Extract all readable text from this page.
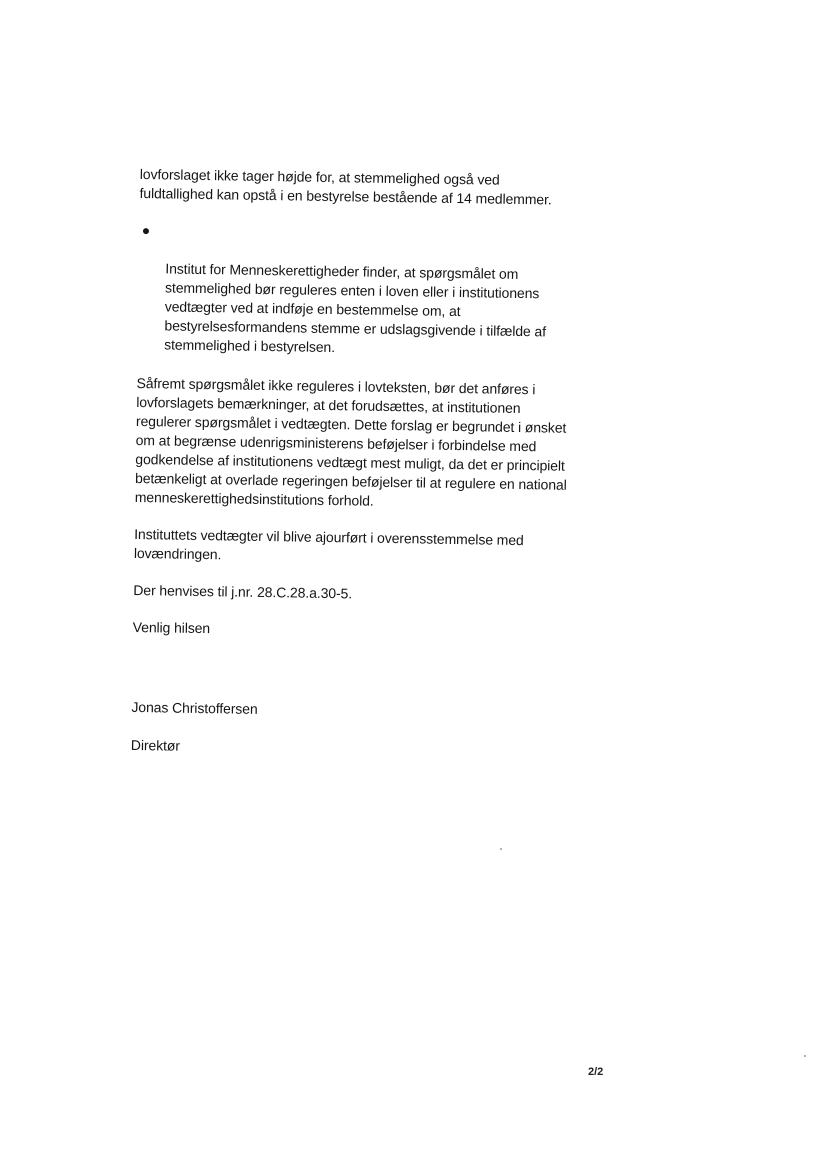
lovforslaget ikke tager højde for, at stemmelighed også ved
fuldtallighed kan opstå i en bestyrelse bestående af 14 medlemmer.

Institut for Menneskerettigheder finder, at spørgsmålet om
stemmelighed bør reguleres enten i loven eller i institutionens
vedtægter ved at indføje en bestemmelse om, at
bestyrelsesformandens stemme er udslagsgivende i tilfælde af
stemmelighed i bestyrelsen.

Såfremt spørgsmålet ikke reguleres i lovteksten, bør det anføres i
lovforslagets bemærkninger, at det forudsættes, at institutionen
regulerer spørgsmålet i vedtægten. Dette forslag er begrundet i ønsket
om at begrænse udenrigsministerens beføjelser i forbindelse med
godkendelse af institutionens vedtægt mest muligt, da det er principielt
betænkeligt at overlade regeringen beføjelser til at regulere en national
menneskerettighedsinstitutions forhold.

Instituttets vedtægter vil blive ajourført i overensstemmelse med
lovændringen.

Der henvises til j.nr. 28.C.28.a.30-5.

Venlig hilsen

Jonas Christoffersen

Direktør

2/2
